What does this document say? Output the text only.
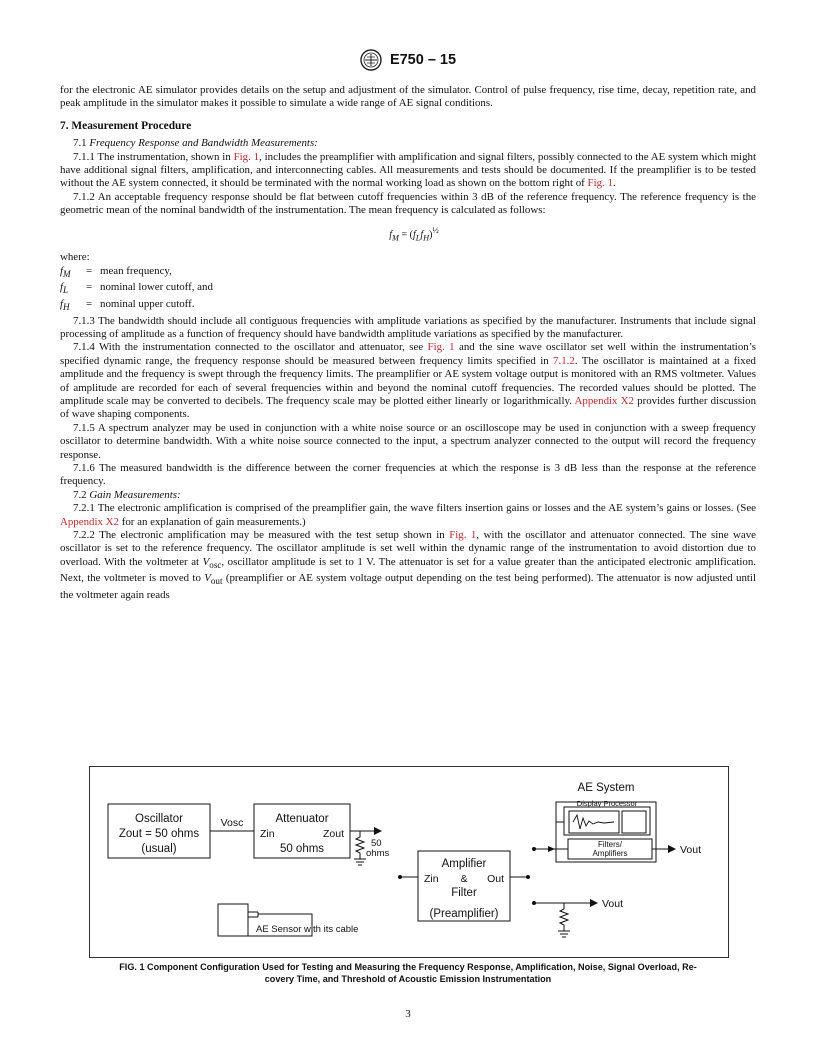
E750 – 15

for the electronic AE simulator provides details on the setup and adjustment of the simulator. Control of pulse frequency, rise time, decay, repetition rate, and peak amplitude in the simulator makes it possible to simulate a wide range of AE signal conditions.

7. Measurement Procedure

7.1 Frequency Response and Bandwidth Measurements:

7.1.1 The instrumentation, shown in Fig. 1, includes the preamplifier with amplification and signal filters, possibly connected to the AE system which might have additional signal filters, amplification, and interconnecting cables. All measurements and tests should be documented. If the preamplifier is to be tested without the AE system connected, it should be terminated with the normal working load as shown on the bottom right of Fig. 1.

7.1.2 An acceptable frequency response should be flat between cutoff frequencies within 3 dB of the reference frequency. The reference frequency is the geometric mean of the nominal bandwidth of the instrumentation. The mean frequency is calculated as follows:

$f_M = (f_Lf_H)^{\frac{1}{2}}$

where:

$f_M$	= mean frequency,
$f_L$	= nominal lower cutoff, and
$f_H$	= nominal upper cutoff.

7.1.3 The bandwidth should include all contiguous frequencies with amplitude variations as specified by the manufacturer. Instruments that include signal processing of amplitude as a function of frequency should have bandwidth amplitude variations as specified by the manufacturer.

7.1.4 With the instrumentation connected to the oscillator and attenuator, see Fig. 1 and the sine wave oscillator set well within the instrumentation’s specified dynamic range, the frequency response should be measured between frequency limits specified in 7.1.2. The oscillator is maintained at a fixed amplitude and the frequency is swept through the frequency limits. The preamplifier or AE system voltage output is monitored with an RMS voltmeter. Values of amplitude are recorded for each of several frequencies within and beyond the nominal cutoff frequencies. The recorded values should be plotted. The amplitude scale may be converted to decibels. The frequency scale may be plotted either linearly or logarithmically. Appendix X2 provides further discussion of wave shaping components.

7.1.5 A spectrum analyzer may be used in conjunction with a white noise source or an oscilloscope may be used in conjunction with a sweep frequency oscillator to determine bandwidth. With a white noise source connected to the input, a spectrum analyzer connected to the output will record the frequency response.

7.1.6 The measured bandwidth is the difference between the corner frequencies at which the response is 3 dB less than the response at the reference frequency.

7.2 Gain Measurements:

7.2.1 The electronic amplification is comprised of the preamplifier gain, the wave filters insertion gains or losses and the AE system’s gains or losses. (See Appendix X2 for an explanation of gain measurements.)

7.2.2 The electronic amplification may be measured with the test setup shown in Fig. 1, with the oscillator and attenuator connected. The sine wave oscillator is set to the reference frequency. The oscillator amplitude is set well within the dynamic range of the instrumentation to avoid distortion due to overload. With the voltmeter at $V_{osc}$, oscillator amplitude is set to 1 V. The attenuator is set for a value greater than the anticipated electronic amplification. Next, the voltmeter is moved to $V_{out}$ (preamplifier or AE system voltage output depending on the test being performed). The attenuator is now adjusted until the voltmeter again reads

Oscillator
Zout = 50 ohms
(usual)
Vosc	Attenuator
Zin	Zout
50 ohms	50
ohms
Amplifier
Zin & Out
Filter
(Preamplifier)
AE System
Display Processor
Filters/
Amplifiers	Vout
Vout
AE Sensor with its cable
FIG. 1 Component Configuration Used for Testing and Measuring the Frequency Response, Amplification, Noise, Signal Overload, Re-
covery Time, and Threshold of Acoustic Emission Instrumentation
3
